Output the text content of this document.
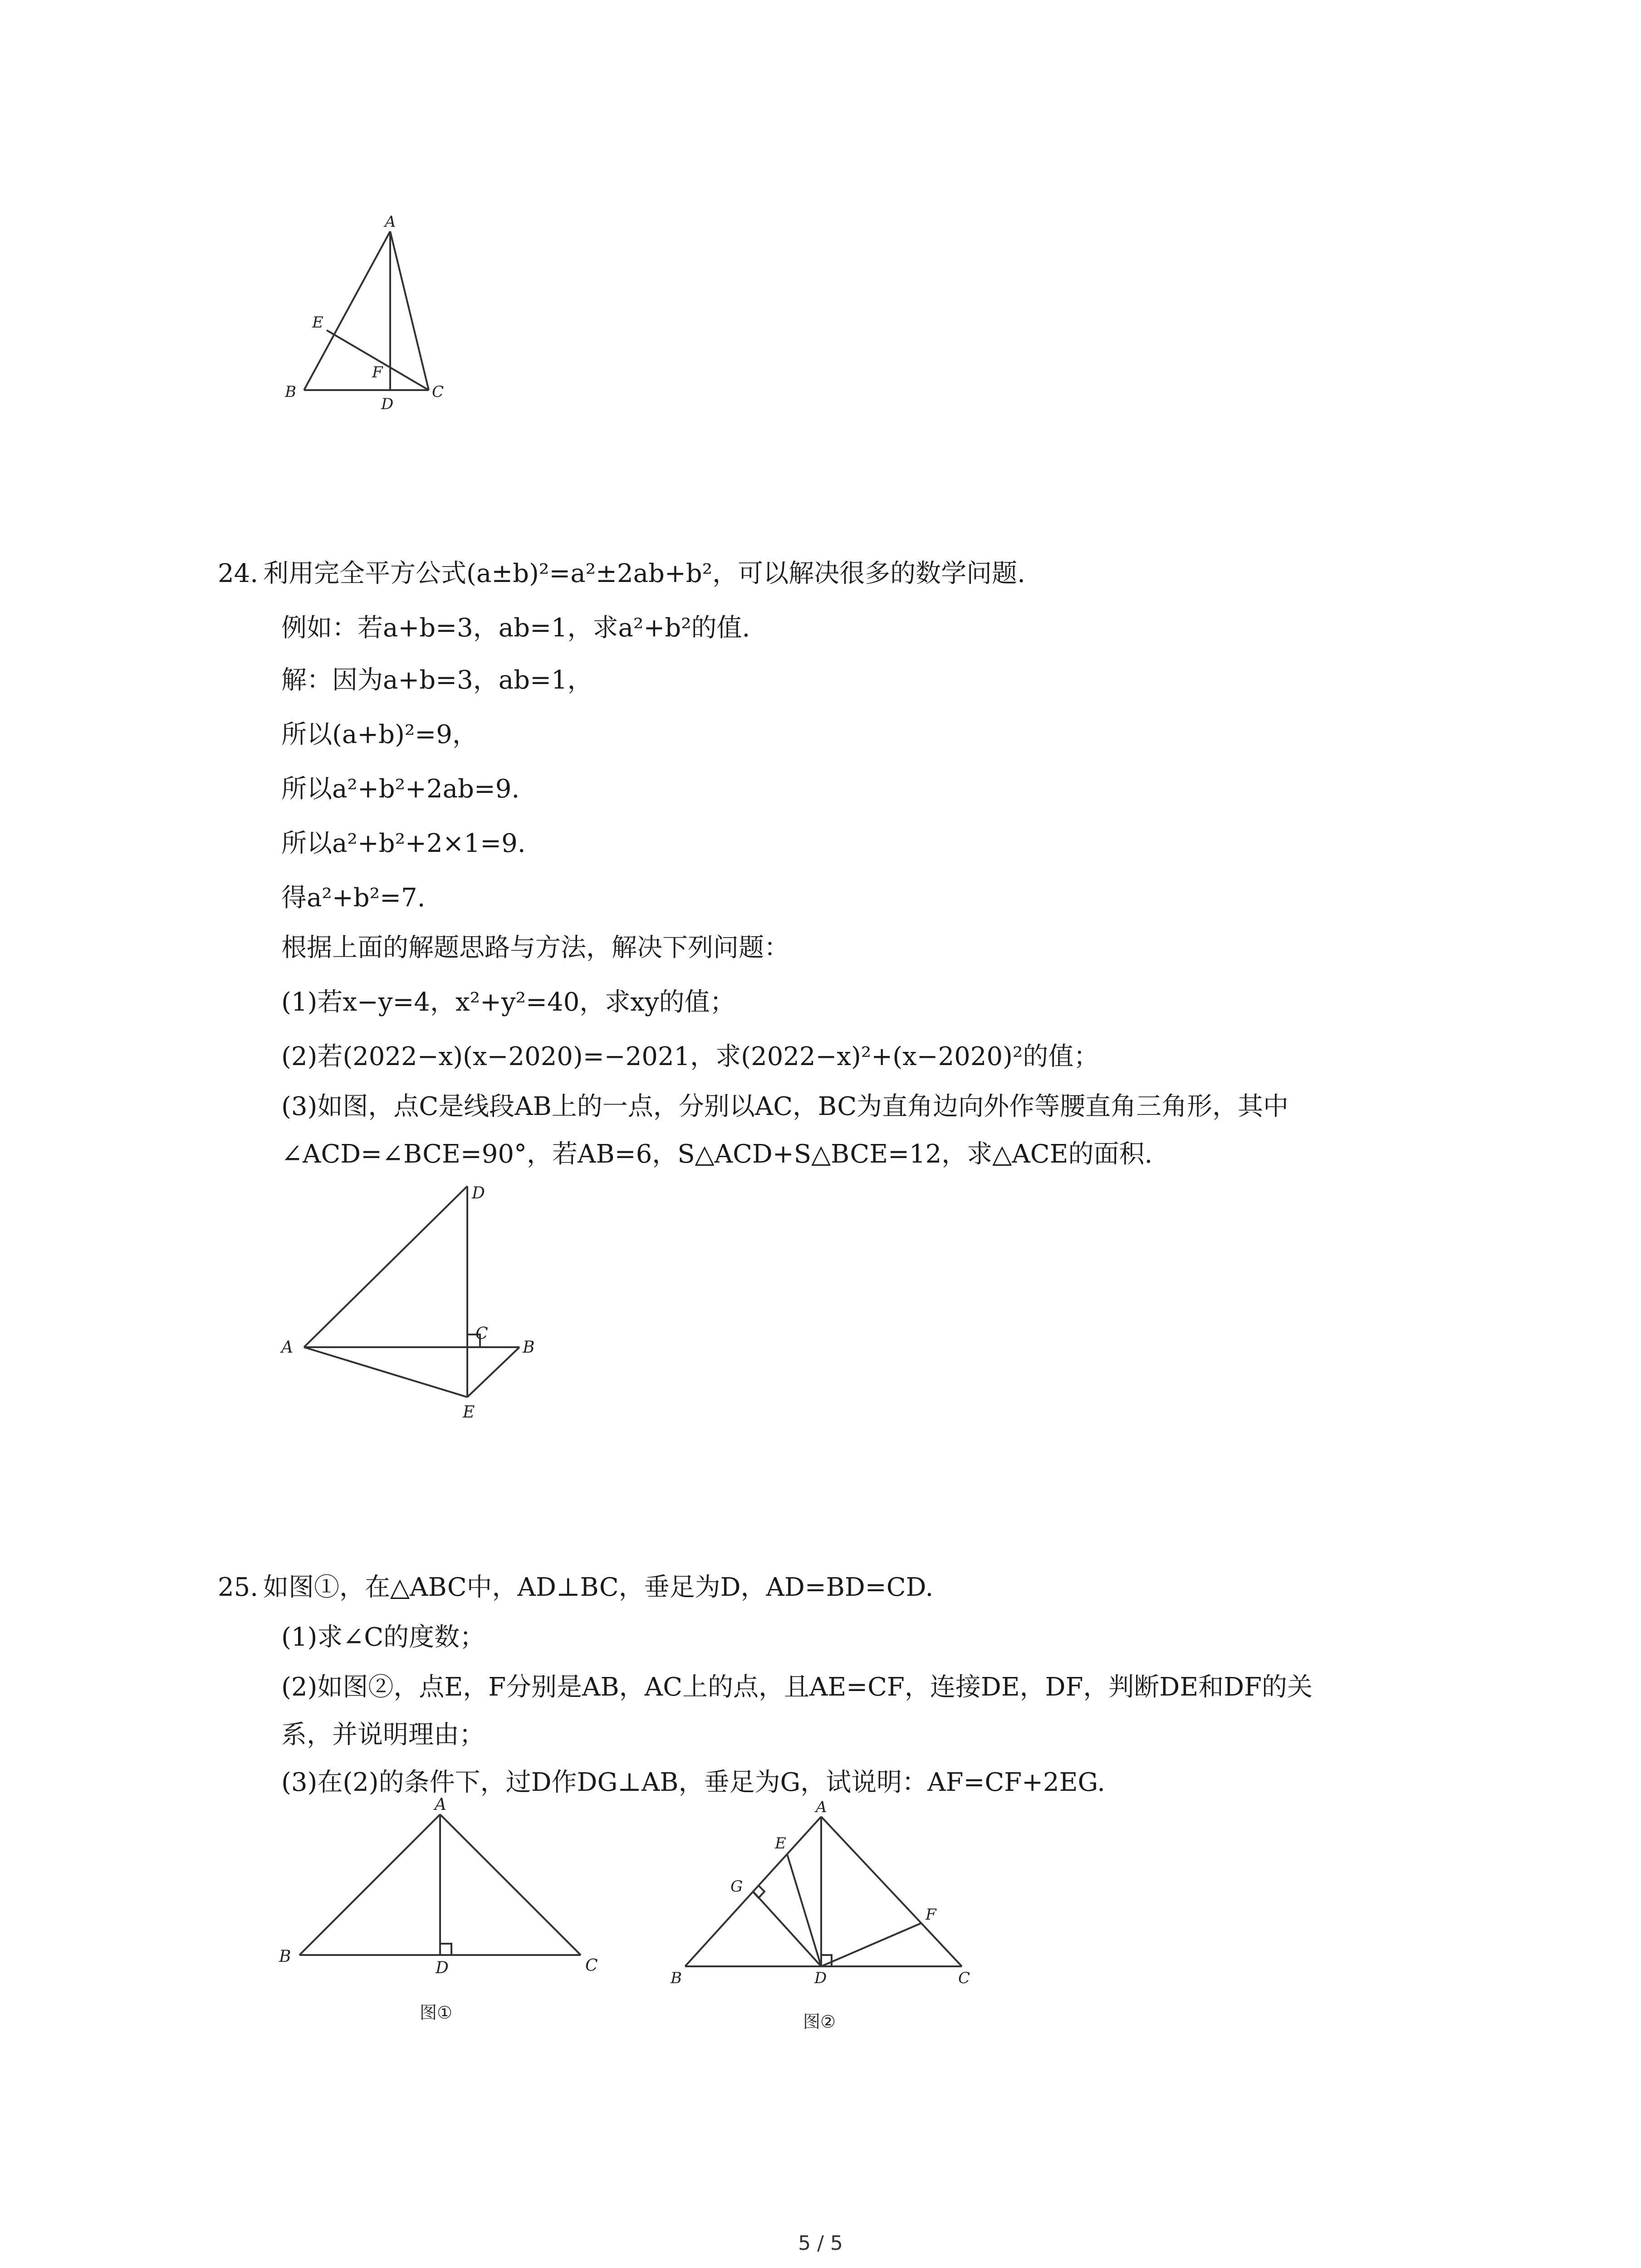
A
B	C
D
E
F
24. 利用完全平方公式(a±b)²=a²±2ab+b²，可以解决很多的数学问题.
例如：若a+b=3，ab=1，求a²+b²的值.
解：因为a+b=3，ab=1，
所以(a+b)²=9，
所以a²+b²+2ab=9.
所以a²+b²+2×1=9.
得a²+b²=7.
根据上面的解题思路与方法，解决下列问题：
(1)若x−y=4，x²+y²=40，求xy的值；
(2)若(2022−x)(x−2020)=−2021，求(2022−x)²+(x−2020)²的值；
(3)如图，点C是线段AB上的一点，分别以AC，BC为直角边向外作等腰直角三角形，其中
∠ACD=∠BCE=90°，若AB=6，S△ACD+S△BCE=12，求△ACE的面积.
D
A
C
B
E
25. 如图①，在△ABC中，AD⊥BC，垂足为D，AD=BD=CD.
(1)求∠C的度数；
(2)如图②，点E，F分别是AB，AC上的点，且AE=CF，连接DE，DF，判断DE和DF的关
系，并说明理由；
(3)在(2)的条件下，过D作DG⊥AB，垂足为G，试说明：AF=CF+2EG.
A
B	C
D
图①
A
B	C
D
E
F
G
图②
5 / 5
